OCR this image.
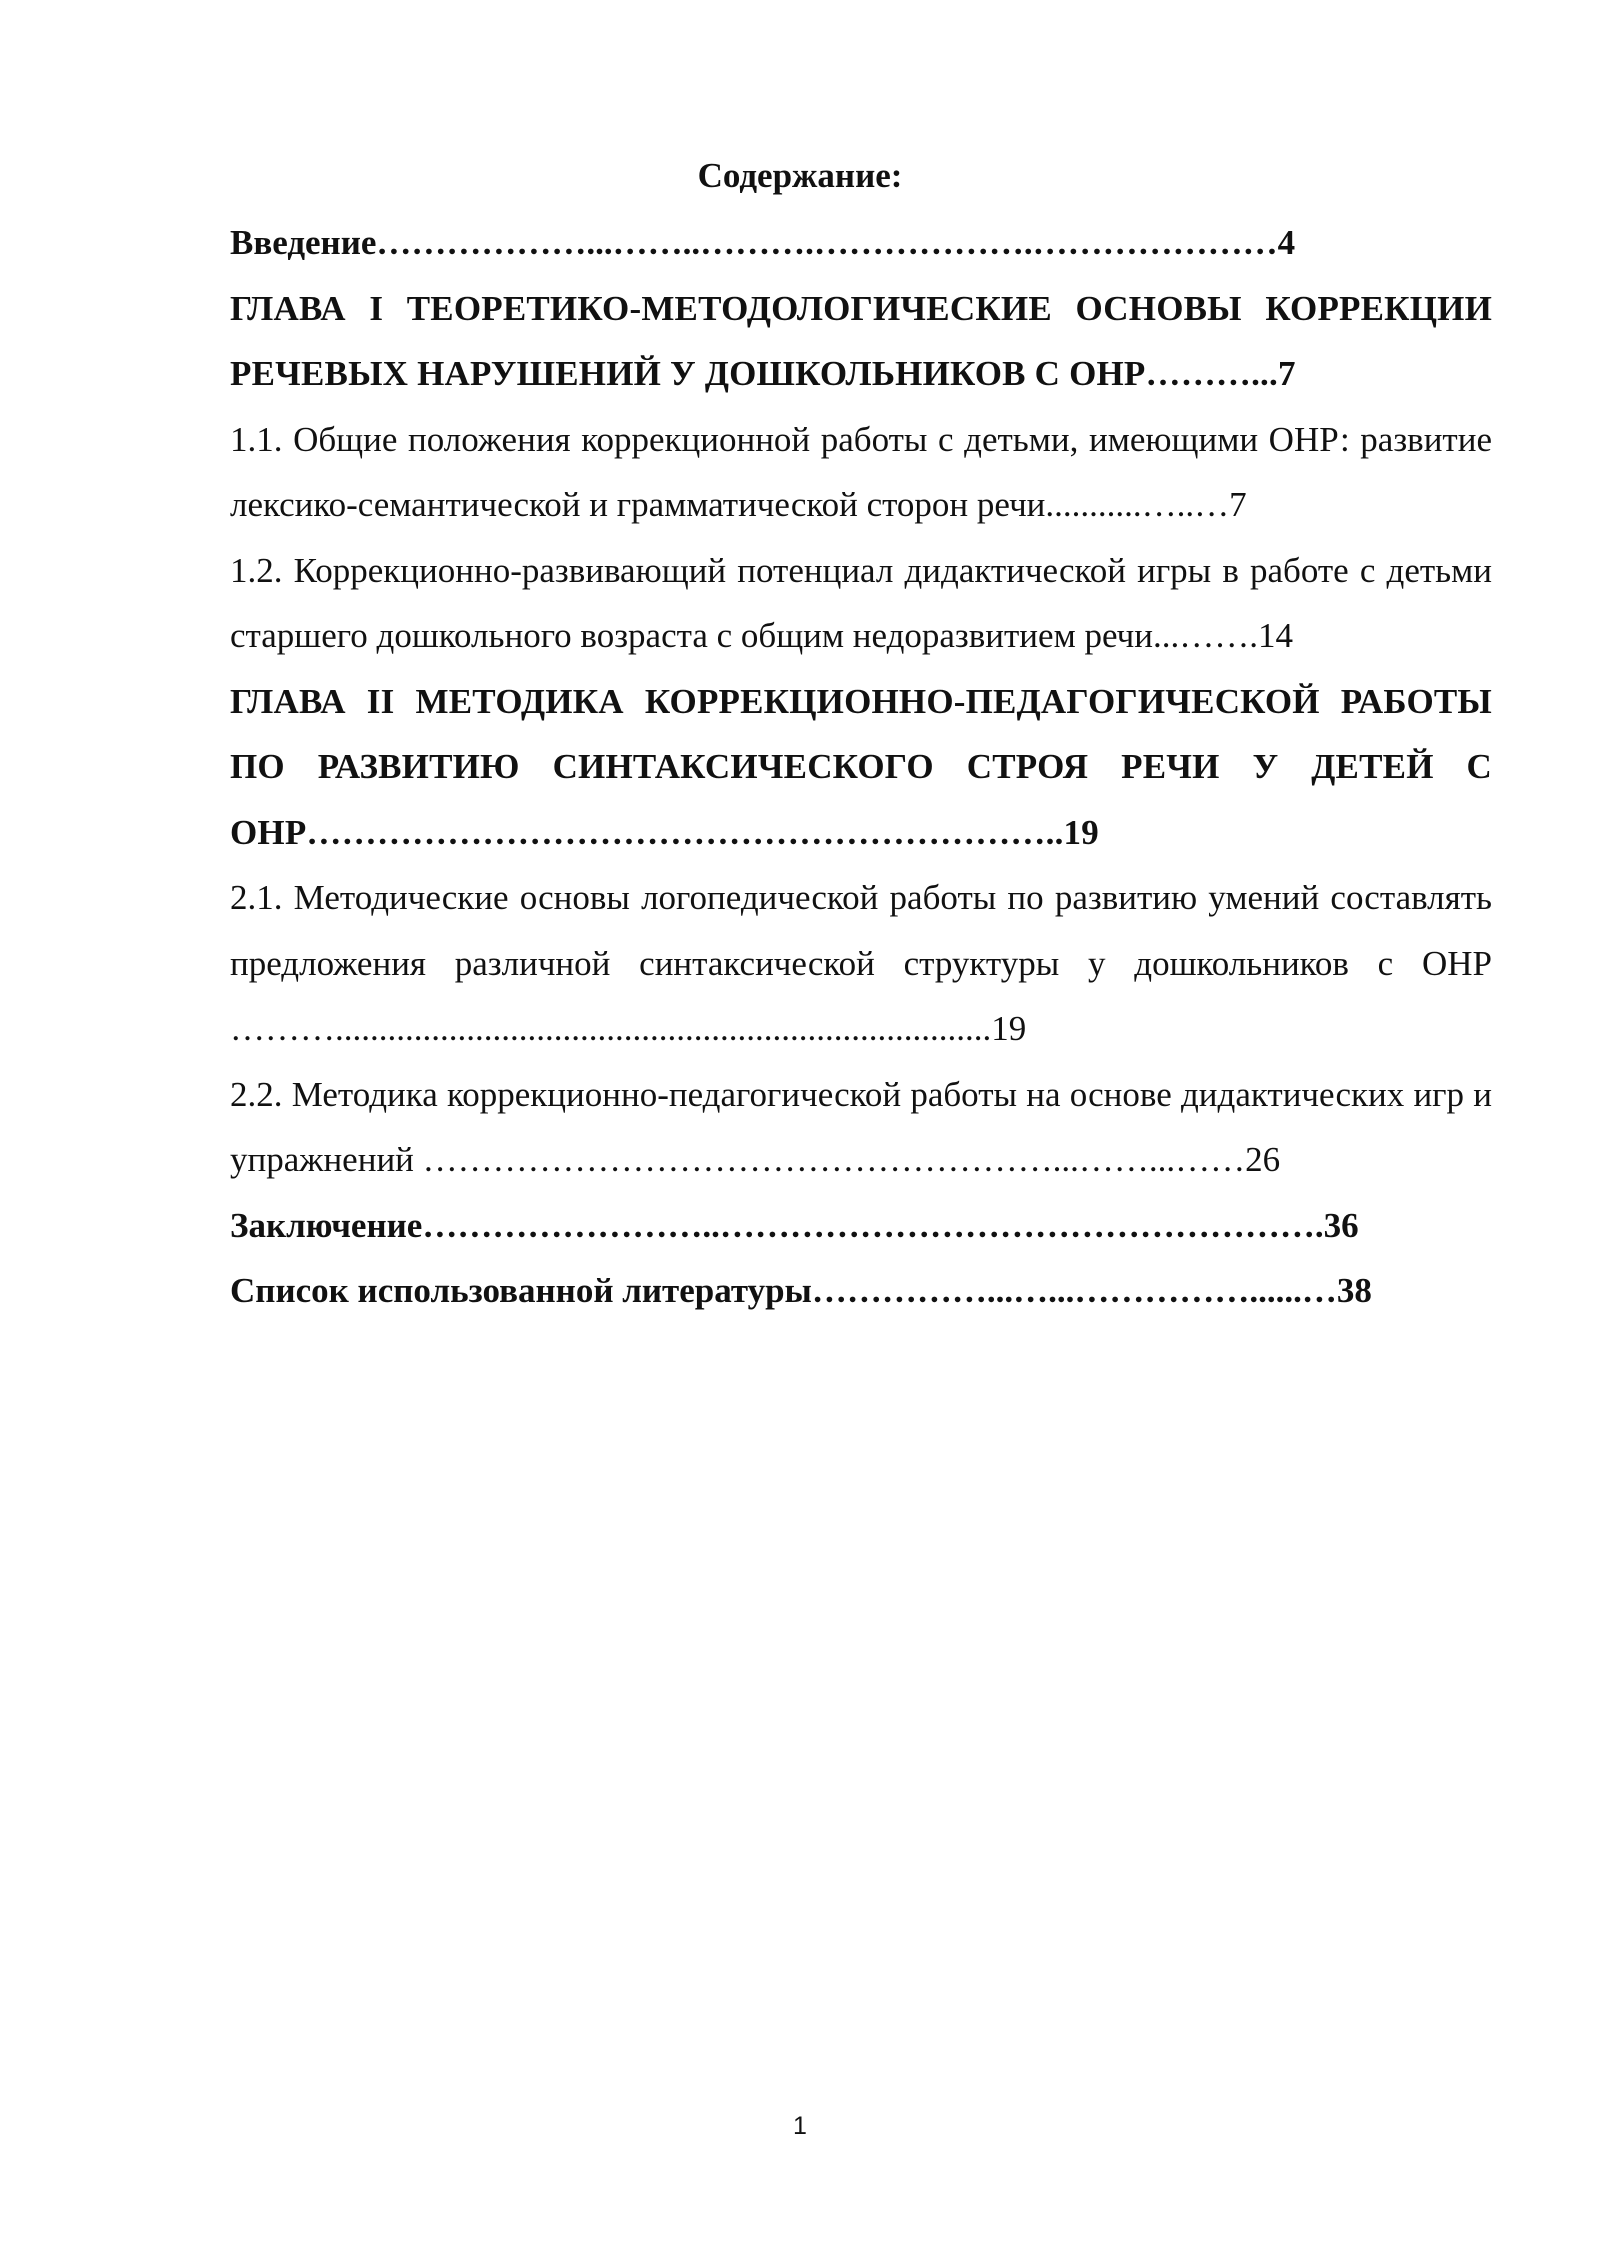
Содержание:

Введение………………...……..……….……………….…………………4

ГЛАВА I ТЕОРЕТИКО-МЕТОДОЛОГИЧЕСКИЕ ОСНОВЫ КОРРЕКЦИИ РЕЧЕВЫХ НАРУШЕНИЙ У ДОШКОЛЬНИКОВ С ОНР………...7

1.1. Общие положения коррекционной работы с детьми, имеющими ОНР: развитие лексико-семантической и грамматической сторон речи...........…..…7

1.2. Коррекционно-развивающий потенциал дидактической игры в работе с детьми старшего дошкольного возраста с общим недоразвитием речи...…….14

ГЛАВА II МЕТОДИКА КОРРЕКЦИОННО-ПЕДАГОГИЧЕСКОЙ РАБОТЫ ПО РАЗВИТИЮ СИНТАКСИЧЕСКОГО СТРОЯ РЕЧИ У ДЕТЕЙ С ОНР………………………………………………………..19

2.1. Методические основы логопедической работы по развитию умений составлять предложения различной синтаксической структуры у дошкольников с ОНР ………...........................................................................19

2.2. Методика коррекционно-педагогической работы на основе дидактических игр и упражнений ………………………………………………...……...……26

Заключение……………………..…………………………………………….36

Список использованной литературы……………...…...……………......…38

1
